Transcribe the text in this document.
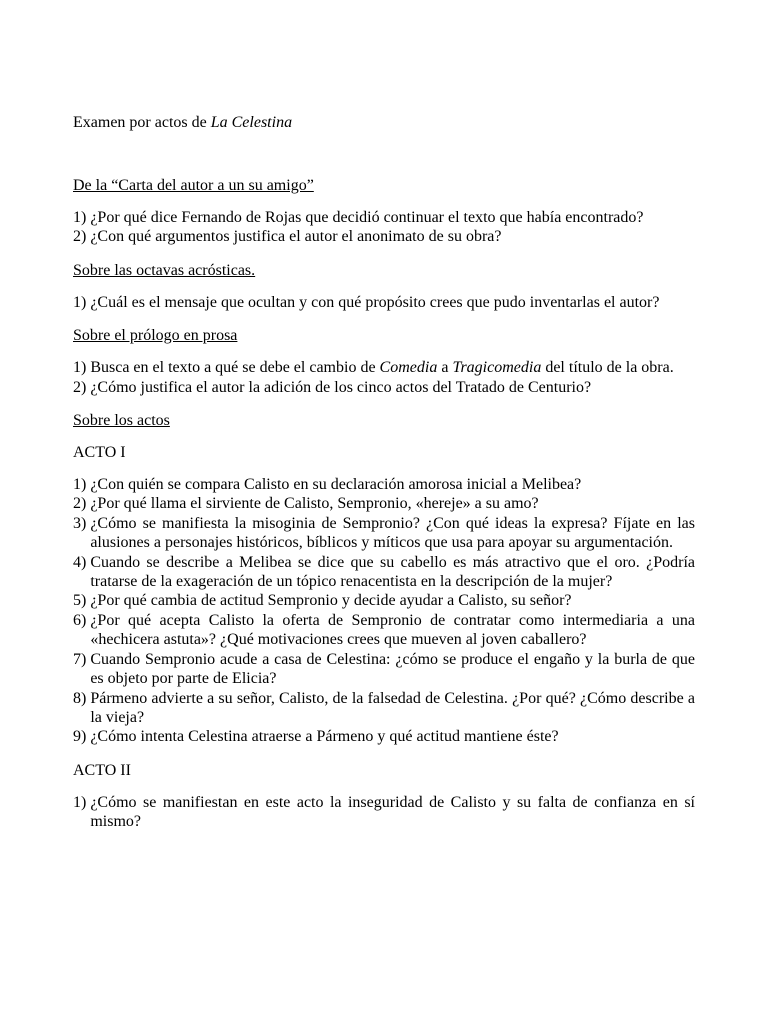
Examen por actos de La Celestina
De la “Carta del autor a un su amigo”
1) ¿Por qué dice Fernando de Rojas que decidió continuar el texto que había encontrado?
2) ¿Con qué argumentos justifica el autor el anonimato de su obra?
Sobre las octavas acrósticas.
1) ¿Cuál es el mensaje que ocultan y con qué propósito crees que pudo inventarlas el autor?
Sobre el prólogo en prosa
1) Busca en el texto a qué se debe el cambio de Comedia a Tragicomedia del título de la obra.
2) ¿Cómo justifica el autor la adición de los cinco actos del Tratado de Centurio?
Sobre los actos
ACTO I
1) ¿Con quién se compara Calisto en su declaración amorosa inicial a Melibea?
2) ¿Por qué llama el sirviente de Calisto, Sempronio, «hereje» a su amo?
3) ¿Cómo se manifiesta la misoginia de Sempronio? ¿Con qué ideas la expresa? Fíjate en las alusiones a personajes históricos, bíblicos y míticos que usa para apoyar su argumentación.
4) Cuando se describe a Melibea se dice que su cabello es más atractivo que el oro. ¿Podría tratarse de la exageración de un tópico renacentista en la descripción de la mujer?
5) ¿Por qué cambia de actitud Sempronio y decide ayudar a Calisto, su señor?
6) ¿Por qué acepta Calisto la oferta de Sempronio de contratar como intermediaria a una «hechicera astuta»? ¿Qué motivaciones crees que mueven al joven caballero?
7) Cuando Sempronio acude a casa de Celestina: ¿cómo se produce el engaño y la burla de que es objeto por parte de Elicia?
8) Pármeno advierte a su señor, Calisto, de la falsedad de Celestina. ¿Por qué? ¿Cómo describe a la vieja?
9) ¿Cómo intenta Celestina atraerse a Pármeno y qué actitud mantiene éste?
ACTO II
1) ¿Cómo se manifiestan en este acto la inseguridad de Calisto y su falta de confianza en sí mismo?
